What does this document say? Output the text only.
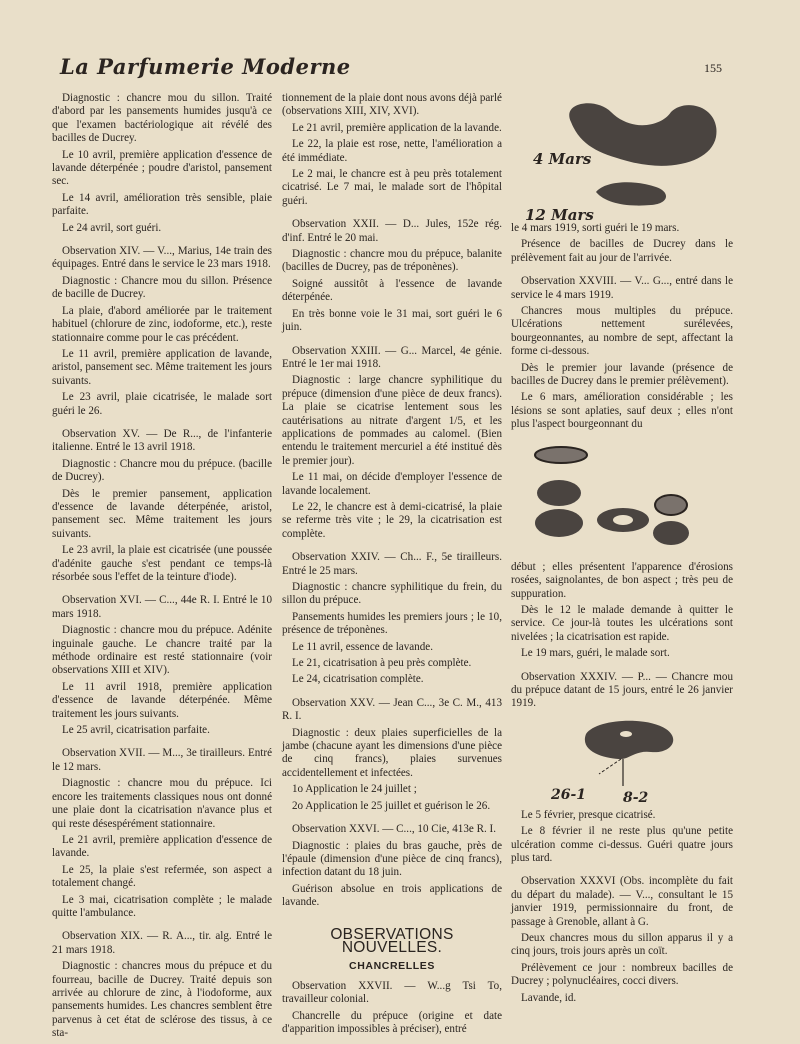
La Parfumerie Moderne	155

Diagnostic : chancre mou du sillon. Traité d'abord par les pansements humides jusqu'à ce que l'examen bactériologique ait révélé des bacilles de Ducrey.

Le 10 avril, première application d'essence de lavande déterpénée ; poudre d'aristol, pansement sec.

Le 14 avril, amélioration très sensible, plaie parfaite.

Le 24 avril, sort guéri.

Observation XIV. — V..., Marius, 14e train des équipages. Entré dans le service le 23 mars 1918.

Diagnostic : Chancre mou du sillon. Présence de bacille de Ducrey.

La plaie, d'abord améliorée par le traitement habituel (chlorure de zinc, iodoforme, etc.), reste stationnaire comme pour le cas précédent.

Le 11 avril, première application de lavande, aristol, pansement sec. Même traitement les jours suivants.

Le 23 avril, plaie cicatrisée, le malade sort guéri le 26.

Observation XV. — De R..., de l'infanterie italienne. Entré le 13 avril 1918.

Diagnostic : Chancre mou du prépuce. (bacille de Ducrey).

Dès le premier pansement, application d'essence de lavande déterpénée, aristol, pansement sec. Même traitement les jours suivants.

Le 23 avril, la plaie est cicatrisée (une poussée d'adénite gauche s'est pendant ce temps-là résorbée sous l'effet de la teinture d'iode).

Observation XVI. — C..., 44e R. I. Entré le 10 mars 1918.

Diagnostic : chancre mou du prépuce. Adénite inguinale gauche. Le chancre traité par la méthode ordinaire est resté stationnaire (voir observations XIII et XIV).

Le 11 avril 1918, première application d'essence de lavande déterpénée. Même traitement les jours suivants.

Le 25 avril, cicatrisation parfaite.

Observation XVII. — M..., 3e tirailleurs. Entré le 12 mars.

Diagnostic : chancre mou du prépuce. Ici encore les traitements classiques nous ont donné une plaie dont la cicatrisation n'avance plus et qui reste désespérément stationnaire.

Le 21 avril, première application d'essence de lavande.

Le 25, la plaie s'est refermée, son aspect a totalement changé.

Le 3 mai, cicatrisation complète ; le malade quitte l'ambulance.

Observation XIX. — R. A..., tir. alg. Entré le 21 mars 1918.

Diagnostic : chancres mous du prépuce et du fourreau, bacille de Ducrey. Traité depuis son arrivée au chlorure de zinc, à l'iodoforme, aux pansements humides. Les chancres semblent être parvenus à cet état de sclérose des tissus, à ce sta-

tionnement de la plaie dont nous avons déjà parlé (observations XIII, XIV, XVI).

Le 21 avril, première application de la lavande.

Le 22, la plaie est rose, nette, l'amélioration a été immédiate.

Le 2 mai, le chancre est à peu près totalement cicatrisé. Le 7 mai, le malade sort de l'hôpital guéri.

Observation XXII. — D... Jules, 152e rég. d'inf. Entré le 20 mai.

Diagnostic : chancre mou du prépuce, balanite (bacilles de Ducrey, pas de tréponènes).

Soigné aussitôt à l'essence de lavande déterpénée.

En très bonne voie le 31 mai, sort guéri le 6 juin.

Observation XXIII. — G... Marcel, 4e génie. Entré le 1er mai 1918.

Diagnostic : large chancre syphilitique du prépuce (dimension d'une pièce de deux francs). La plaie se cicatrise lentement sous les cautérisations au nitrate d'argent 1/5, et les applications de pommades au calomel. (Bien entendu le traitement mercuriel a été institué dès le premier jour).

Le 11 mai, on décide d'employer l'essence de lavande localement.

Le 22, le chancre est à demi-cicatrisé, la plaie se referme très vite ; le 29, la cicatrisation est complète.

Observation XXIV. — Ch... F., 5e tirailleurs. Entré le 25 mars.

Diagnostic : chancre syphilitique du frein, du sillon du prépuce.

Pansements humides les premiers jours ; le 10, présence de tréponènes.

Le 11 avril, essence de lavande.

Le 21, cicatrisation à peu près complète.

Le 24, cicatrisation complète.

Observation XXV. — Jean C..., 3e C. M., 413 R. I.

Diagnostic : deux plaies superficielles de la jambe (chacune ayant les dimensions d'une pièce de cinq francs), plaies survenues accidentellement et infectées.

1o Application le 24 juillet ;

2o Application le 25 juillet et guérison le 26.

Observation XXVI. — C..., 10 Cie, 413e R. I.

Diagnostic : plaies du bras gauche, près de l'épaule (dimension d'une pièce de cinq francs), infection datant du 18 juin.

Guérison absolue en trois applications de lavande.

OBSERVATIONS NOUVELLES.
CHANCRELLES

Observation XXVII. — W...g Tsi To, travailleur colonial.

Chancrelle du prépuce (origine et date d'apparition impossibles à préciser), entré

4 Mars
12 Mars

le 4 mars 1919, sorti guéri le 19 mars.

Présence de bacilles de Ducrey dans le prélèvement fait au jour de l'arrivée.

Observation XXVIII. — V... G..., entré dans le service le 4 mars 1919.

Chancres mous multiples du prépuce. Ulcérations nettement surélevées, bourgeonnantes, au nombre de sept, affectant la forme ci-dessous.

Dès le premier jour lavande (présence de bacilles de Ducrey dans le premier prélèvement).

Le 6 mars, amélioration considérable ; les lésions se sont aplaties, sauf deux ; elles n'ont plus l'aspect bourgeonnant du

début ; elles présentent l'apparence d'érosions rosées, saignolantes, de bon aspect ; très peu de suppuration.

Dès le 12 le malade demande à quitter le service. Ce jour-là toutes les ulcérations sont nivelées ; la cicatrisation est rapide.

Le 19 mars, guéri, le malade sort.

Observation XXXIV. — P... — Chancre mou du prépuce datant de 15 jours, entré le 26 janvier 1919.

26-1	8-2

Le 5 février, presque cicatrisé.

Le 8 février il ne reste plus qu'une petite ulcération comme ci-dessus. Guéri quatre jours plus tard.

Observation XXXVI (Obs. incomplète du fait du départ du malade). — V..., consultant le 15 janvier 1919, permissionnaire du front, de passage à Grenoble, allant à G.

Deux chancres mous du sillon apparus il y a cinq jours, trois jours après un coït.

Prélèvement ce jour : nombreux bacilles de Ducrey ; polynucléaires, cocci divers.

Lavande, id.
